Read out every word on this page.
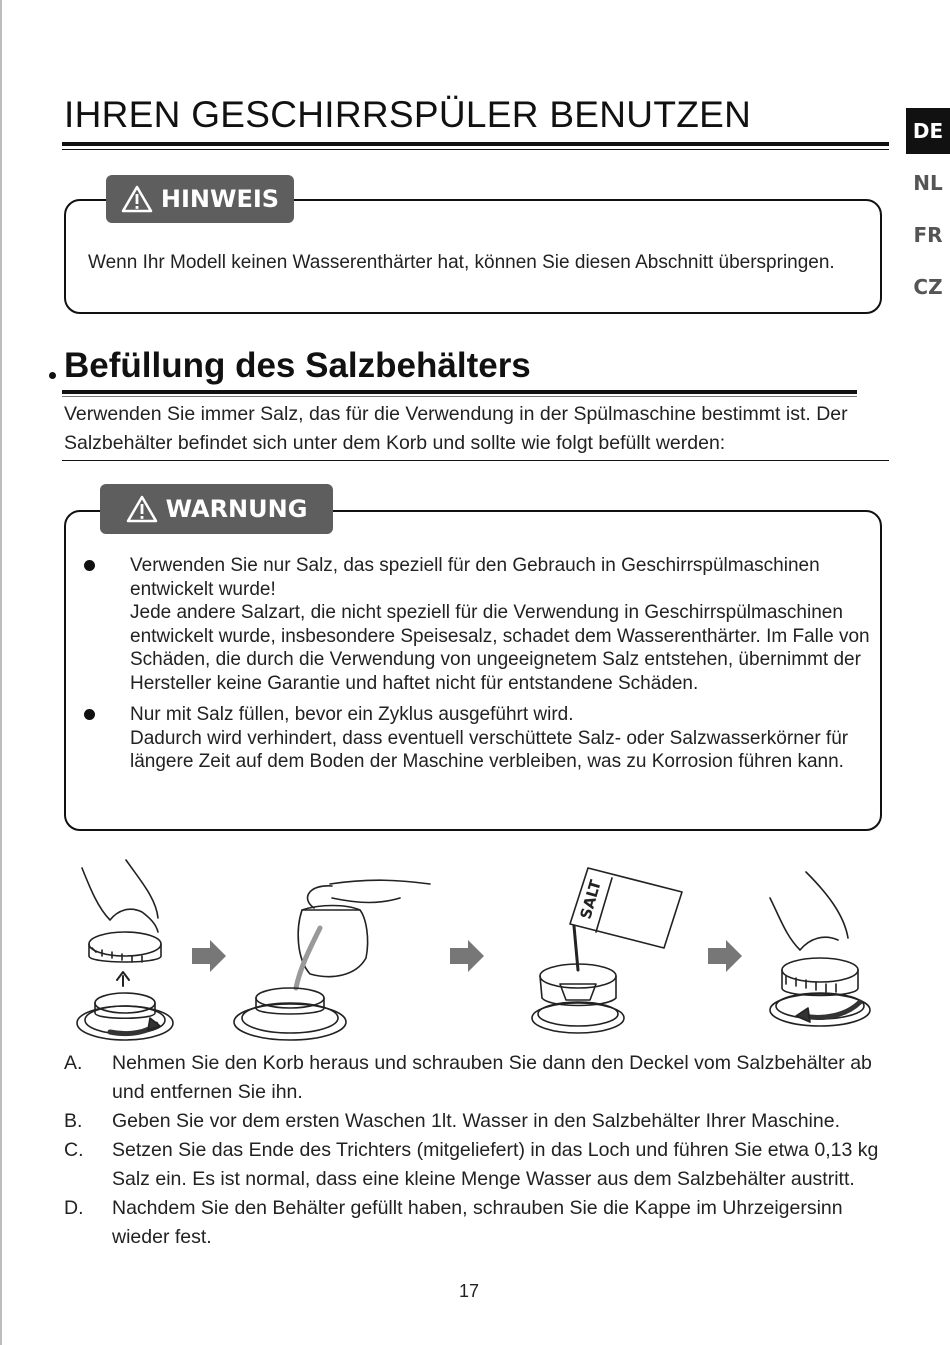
IHREN GESCHIRRSPÜLER BENUTZEN	DE
NL
FR
CZ

Wenn Ihr Modell keinen Wasserenthärter hat, können Sie diesen Abschnitt überspringen.

HINWEIS
Befüllung des Salzbehälters

Verwenden Sie immer Salz, das für die Verwendung in der Spülmaschine bestimmt ist. Der Salzbehälter befindet sich unter dem Korb und sollte wie folgt befüllt werden:

Verwenden Sie nur Salz, das speziell für den Gebrauch in Geschirrspülmaschinen entwickelt wurde!

Jede andere Salzart, die nicht speziell für die Verwendung in Geschirrspülmaschinen entwickelt wurde, insbesondere Speisesalz, schadet dem Wasserenthärter. Im Falle von Schäden, die durch die Verwendung von ungeeignetem Salz entstehen, übernimmt der Hersteller keine Garantie und haftet nicht für entstandene Schäden.

Nur mit Salz füllen, bevor ein Zyklus ausgeführt wird.

Dadurch wird verhindert, dass eventuell verschüttete Salz- oder Salzwasserkörner für längere Zeit auf dem Boden der Maschine verbleiben, was zu Korrosion führen kann.

WARNUNG
SALT
A. Nehmen Sie den Korb heraus und schrauben Sie dann den Deckel vom Salzbehälter ab und entfernen Sie ihn.
B. Geben Sie vor dem ersten Waschen 1lt. Wasser in den Salzbehälter Ihrer Maschine.
C. Setzen Sie das Ende des Trichters (mitgeliefert) in das Loch und führen Sie etwa 0,13 kg Salz ein. Es ist normal, dass eine kleine Menge Wasser aus dem Salzbehälter austritt.
D. Nachdem Sie den Behälter gefüllt haben, schrauben Sie die Kappe im Uhrzeigersinn wieder fest.
17
